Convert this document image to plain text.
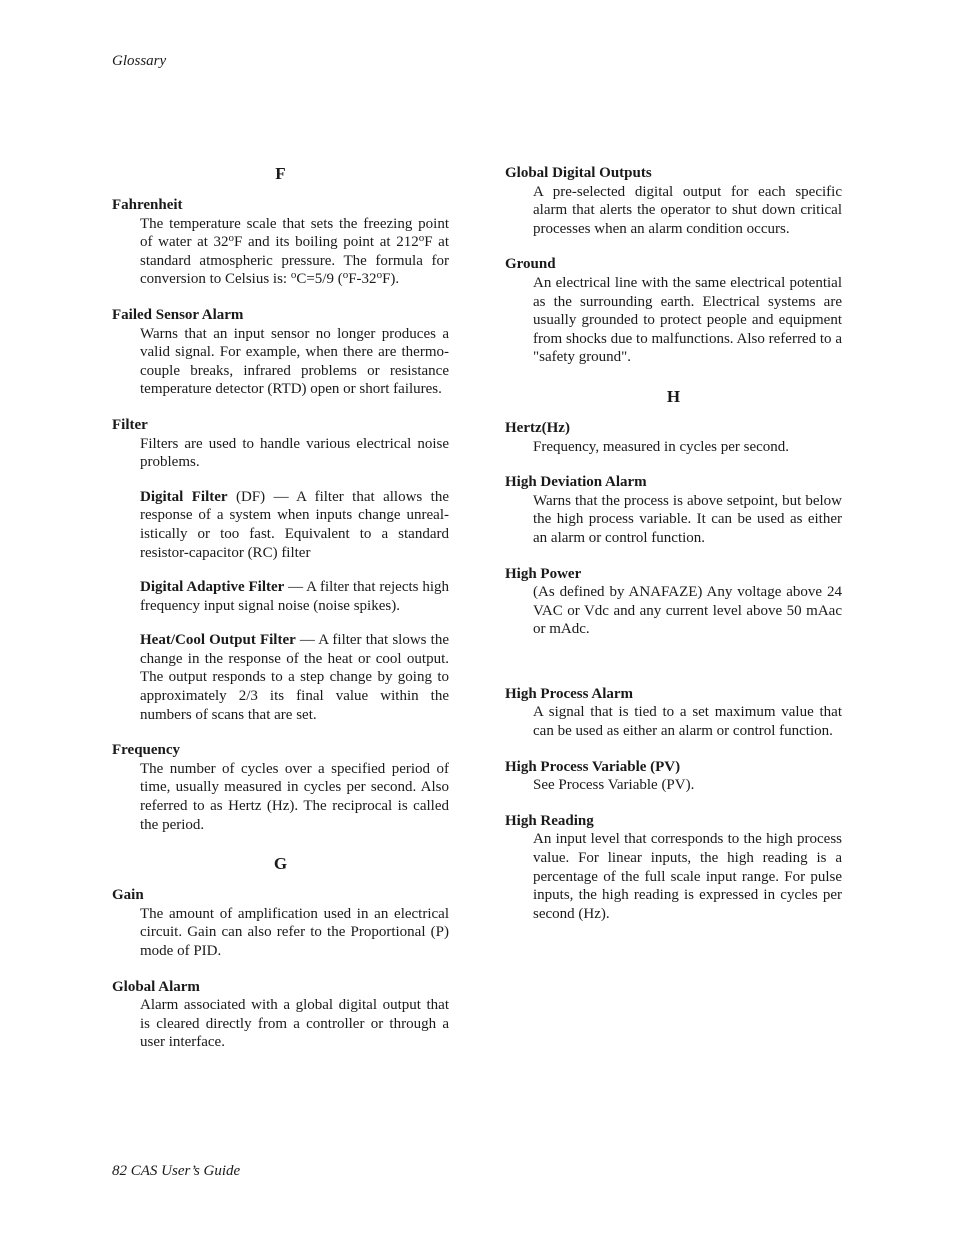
Glossary
F

Fahrenheit

The temperature scale that sets the freezing point of water at 32$^o$F and its boiling point at 212$^o$F at standard atmospheric pressure. The formula for conversion to Celsius is: $^o$C=5/9 ($^o$F-32$^o$F).

Failed Sensor Alarm

Warns that an input sensor no longer produces a valid signal. For example, when there are thermocouple breaks, infrared problems or resistance temperature detector (RTD) open or short failures.

Filter

Filters are used to handle various electrical noise problems.

Digital Filter (DF) — A filter that allows the response of a system when inputs change unrealistically or too fast. Equivalent to a standard resistor-capacitor (RC) filter

Digital Adaptive Filter — A filter that rejects high frequency input signal noise (noise spikes).

Heat/Cool Output Filter — A filter that slows the change in the response of the heat or cool output. The output responds to a step change by going to approximately 2/3 its final value within the numbers of scans that are set.

Frequency

The number of cycles over a specified period of time, usually measured in cycles per second. Also referred to as Hertz (Hz). The reciprocal is called the period.

G

Gain

The amount of amplification used in an electrical circuit. Gain can also refer to the Proportional (P) mode of PID.

Global Alarm

Alarm associated with a global digital output that is cleared directly from a controller or through a user interface.

Global Digital Outputs

A pre-selected digital output for each specific alarm that alerts the operator to shut down critical processes when an alarm condition occurs.

Ground

An electrical line with the same electrical potential as the surrounding earth. Electrical systems are usually grounded to protect people and equipment from shocks due to malfunctions. Also referred to a "safety ground".

H

Hertz(Hz)

Frequency, measured in cycles per second.

High Deviation Alarm

Warns that the process is above setpoint, but below the high process variable. It can be used as either an alarm or control function.

High Power

(As defined by ANAFAZE) Any voltage above 24 VAC or Vdc and any current level above 50 mAac or mAdc.

High Process Alarm

A signal that is tied to a set maximum value that can be used as either an alarm or control function.

High Process Variable (PV)

See Process Variable (PV).

High Reading

An input level that corresponds to the high process value. For linear inputs, the high reading is a percentage of the full scale input range. For pulse inputs, the high reading is expressed in cycles per second (Hz).

82 CAS User’s Guide
